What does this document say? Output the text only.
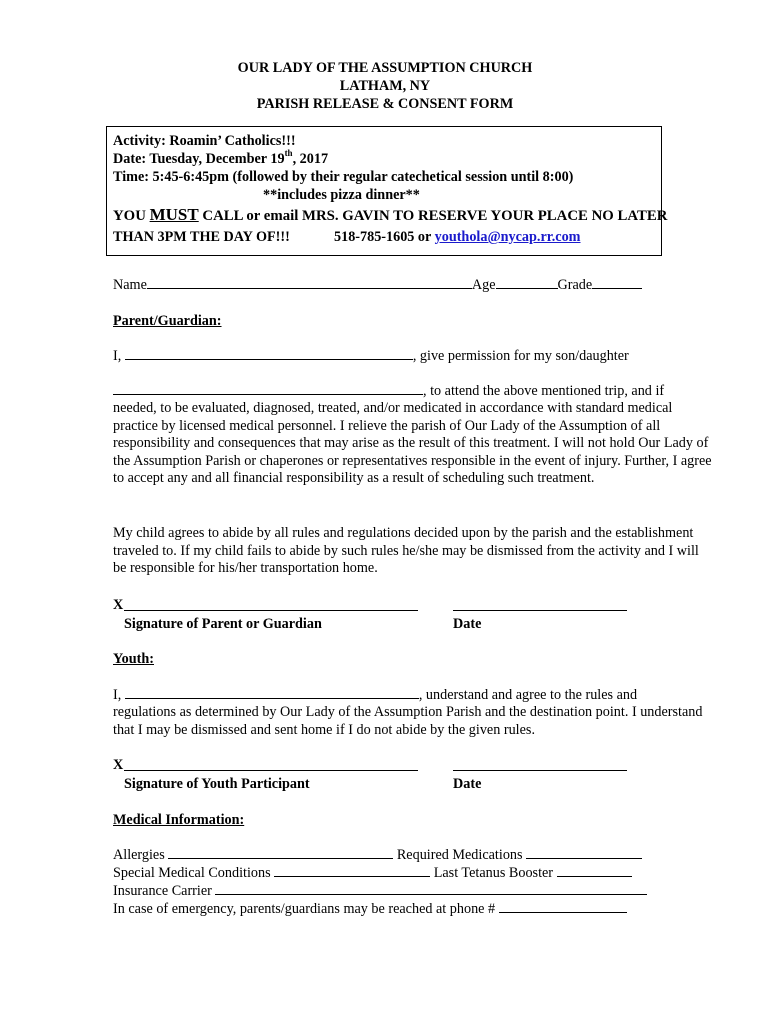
OUR LADY OF THE ASSUMPTION CHURCH
LATHAM, NY
PARISH RELEASE & CONSENT FORM
Activity: Roamin’ Catholics!!!
Date: Tuesday, December 19th, 2017
Time: 5:45-6:45pm (followed by their regular catechetical session until 8:00)
**includes pizza dinner**
YOU MUST CALL or email MRS. GAVIN TO RESERVE YOUR PLACE NO LATER
THAN 3PM THE DAY OF!!!	518-785-1605 or youthola@nycap.rr.com
Name	Age	Grade
Parent/Guardian:
I,	, give permission for my son/daughter
, to attend the above mentioned trip, and if
needed, to be evaluated, diagnosed, treated, and/or medicated in accordance with standard medical practice by licensed medical personnel. I relieve the parish of Our Lady of the Assumption of all responsibility and consequences that may arise as the result of this treatment. I will not hold Our Lady of the Assumption Parish or chaperones or representatives responsible in the event of injury. Further, I agree to accept any and all financial responsibility as a result of scheduling such treatment.
My child agrees to abide by all rules and regulations decided upon by the parish and the establishment traveled to. If my child fails to abide by such rules he/she may be dismissed from the activity and I will be responsible for his/her transportation home.
X
Signature of Parent or Guardian	Date
Youth:
I,	, understand and agree to the rules and
regulations as determined by Our Lady of the Assumption Parish and the destination point. I understand that I may be dismissed and sent home if I do not abide by the given rules.
X
Signature of Youth Participant	Date
Medical Information:
Allergies	Required Medications
Special Medical Conditions	Last Tetanus Booster
Insurance Carrier
In case of emergency, parents/guardians may be reached at phone #
